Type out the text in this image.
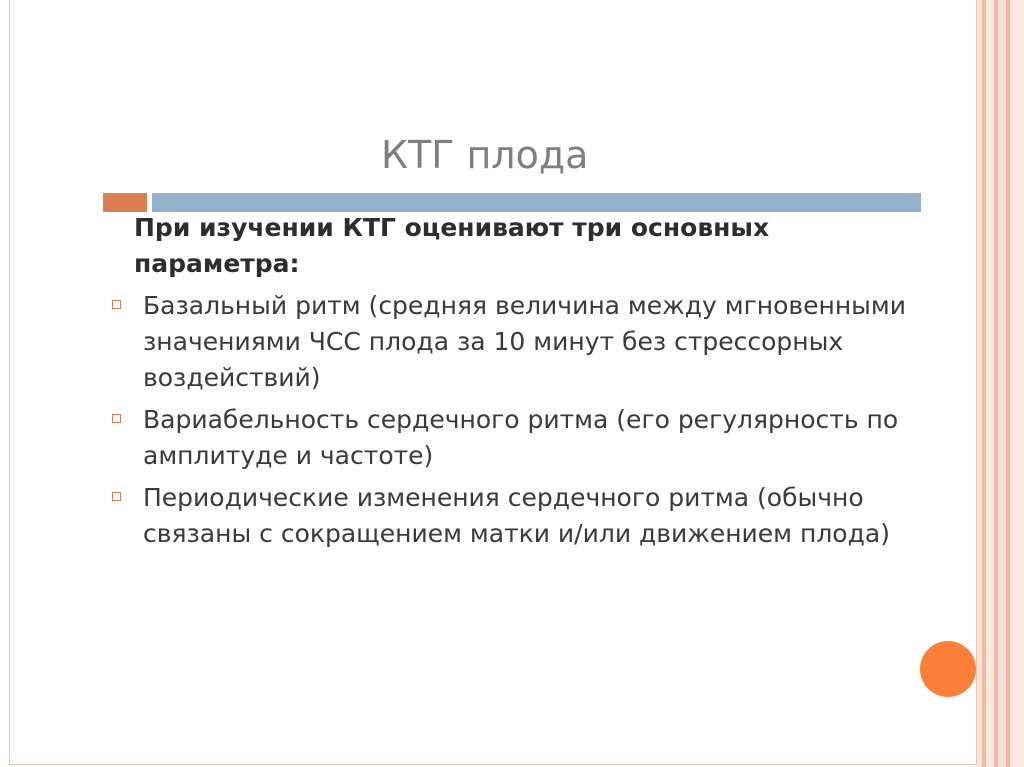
КТГ плода
При изучении КТГ оценивают три основных параметра:
Базальный ритм (средняя величина между мгновенными значениями ЧСС плода за 10 минут без стрессорных воздействий)
Вариабельность сердечного ритма (его регулярность по амплитуде и частоте)
Периодические изменения сердечного ритма (обычно связаны с сокращением матки и/или движением плода)
